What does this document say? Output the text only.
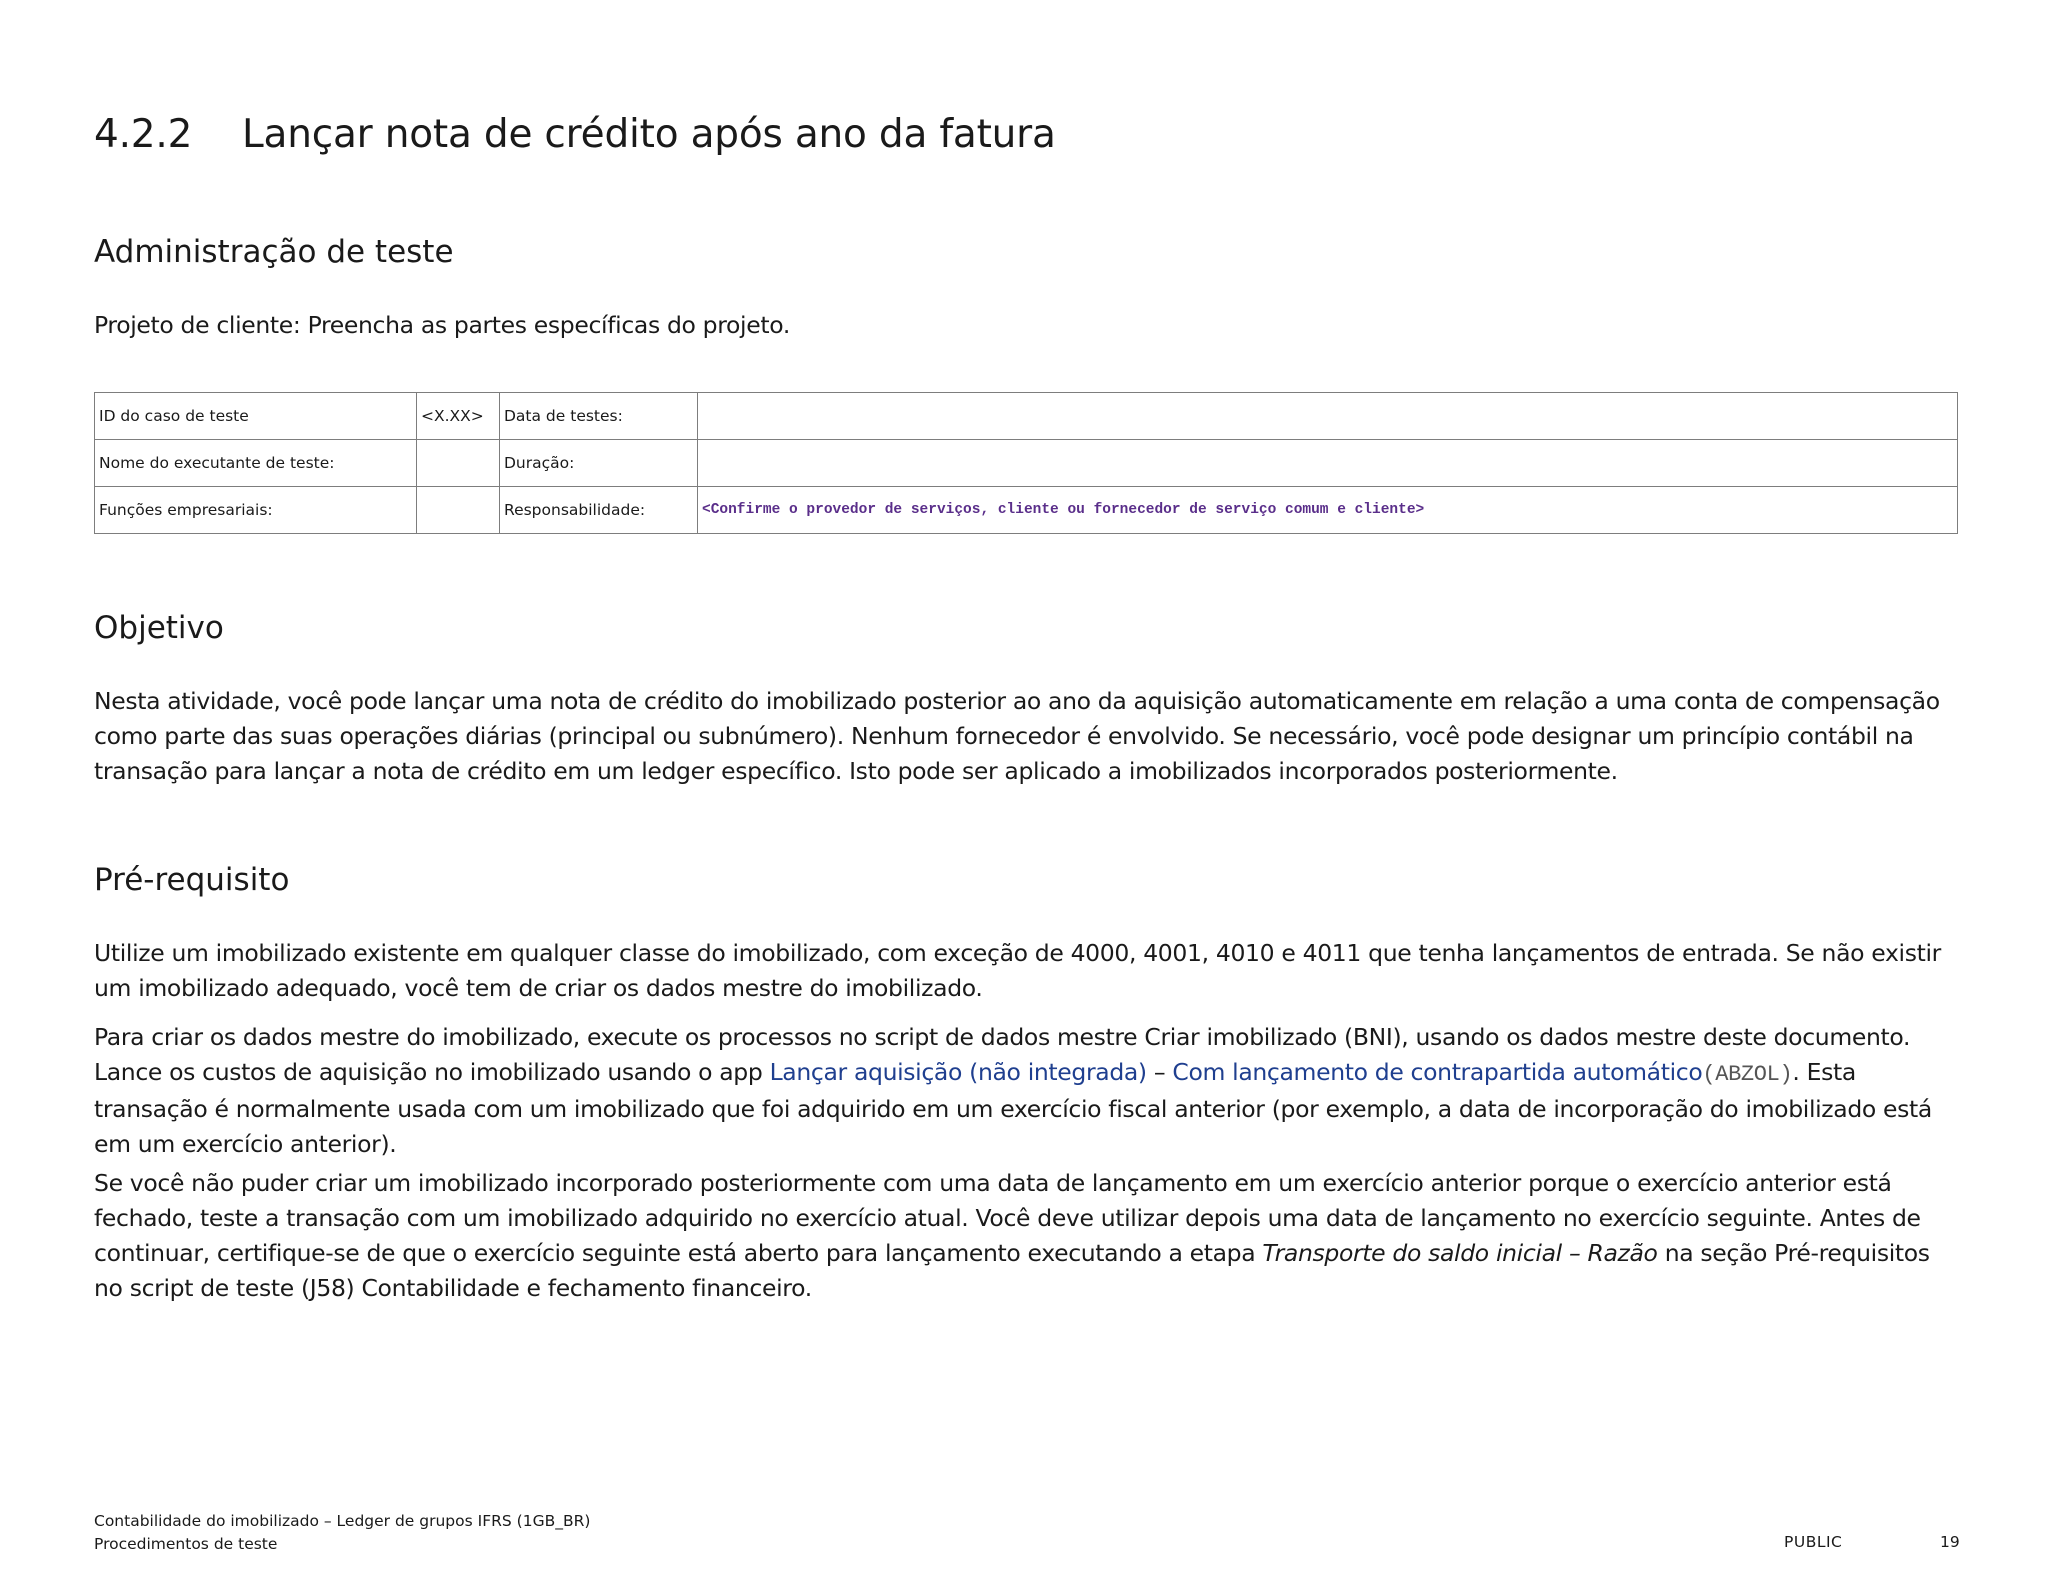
4.2.2 Lançar nota de crédito após ano da fatura
Administração de teste

Projeto de cliente: Preencha as partes específicas do projeto.

ID do caso de teste	<X.XX>	Data de testes:	
Nome do executante de teste:		Duração:	
Funções empresariais:		Responsabilidade:	<Confirme o provedor de serviços, cliente ou fornecedor de serviço comum e cliente>
Objetivo

Nesta atividade, você pode lançar uma nota de crédito do imobilizado posterior ao ano da aquisição automaticamente em relação a uma conta de compensação como parte das suas operações diárias (principal ou subnúmero). Nenhum fornecedor é envolvido. Se necessário, você pode designar um princípio contábil na transação para lançar a nota de crédito em um ledger específico. Isto pode ser aplicado a imobilizados incorporados posteriormente.

Pré-requisito

Utilize um imobilizado existente em qualquer classe do imobilizado, com exceção de 4000, 4001, 4010 e 4011 que tenha lançamentos de entrada. Se não existir um imobilizado adequado, você tem de criar os dados mestre do imobilizado.

Para criar os dados mestre do imobilizado, execute os processos no script de dados mestre Criar imobilizado (BNI), usando os dados mestre deste documento. Lance os custos de aquisição no imobilizado usando o app Lançar aquisição (não integrada) – Com lançamento de contrapartida automático(ABZOL). Esta transação é normalmente usada com um imobilizado que foi adquirido em um exercício fiscal anterior (por exemplo, a data de incorporação do imobilizado está em um exercício anterior).

Se você não puder criar um imobilizado incorporado posteriormente com uma data de lançamento em um exercício anterior porque o exercício anterior está fechado, teste a transação com um imobilizado adquirido no exercício atual. Você deve utilizar depois uma data de lançamento no exercício seguinte. Antes de continuar, certifique-se de que o exercício seguinte está aberto para lançamento executando a etapa Transporte do saldo inicial – Razão na seção Pré-requisitos no script de teste (J58) Contabilidade e fechamento financeiro.

Contabilidade do imobilizado – Ledger de grupos IFRS (1GB_BR)
Procedimentos de teste	PUBLIC	19
